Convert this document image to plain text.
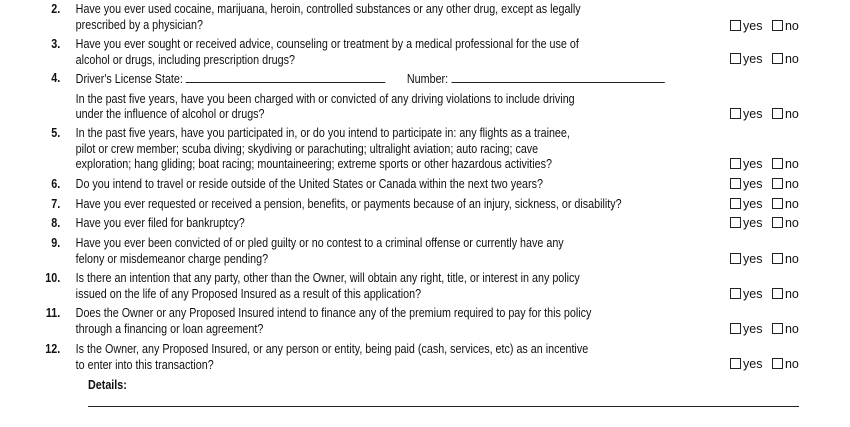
2. Have you ever used cocaine, marijuana, heroin, controlled substances or any other drug, except as legally
prescribed by a physician?	yes no
3. Have you ever sought or received advice, counseling or treatment by a medical professional for the use of
alcohol or drugs, including prescription drugs?	yes no
4. Driver's License State:	Number:
In the past five years, have you been charged with or convicted of any driving violations to include driving
under the influence of alcohol or drugs?	yes no
5. In the past five years, have you participated in, or do you intend to participate in: any flights as a trainee,
pilot or crew member; scuba diving; skydiving or parachuting; ultralight aviation; auto racing; cave
exploration; hang gliding; boat racing; mountaineering; extreme sports or other hazardous activities?	yes no
6. Do you intend to travel or reside outside of the United States or Canada within the next two years?	yes no
7. Have you ever requested or received a pension, benefits, or payments because of an injury, sickness, or disability?	yes no
8. Have you ever filed for bankruptcy?	yes no
9. Have you ever been convicted of or pled guilty or no contest to a criminal offense or currently have any
felony or misdemeanor charge pending?	yes no
10. Is there an intention that any party, other than the Owner, will obtain any right, title, or interest in any policy
issued on the life of any Proposed Insured as a result of this application?	yes no
11. Does the Owner or any Proposed Insured intend to finance any of the premium required to pay for this policy
through a financing or loan agreement?	yes no
12. Is the Owner, any Proposed Insured, or any person or entity, being paid (cash, services, etc) as an incentive
to enter into this transaction?	yes no
Details:
